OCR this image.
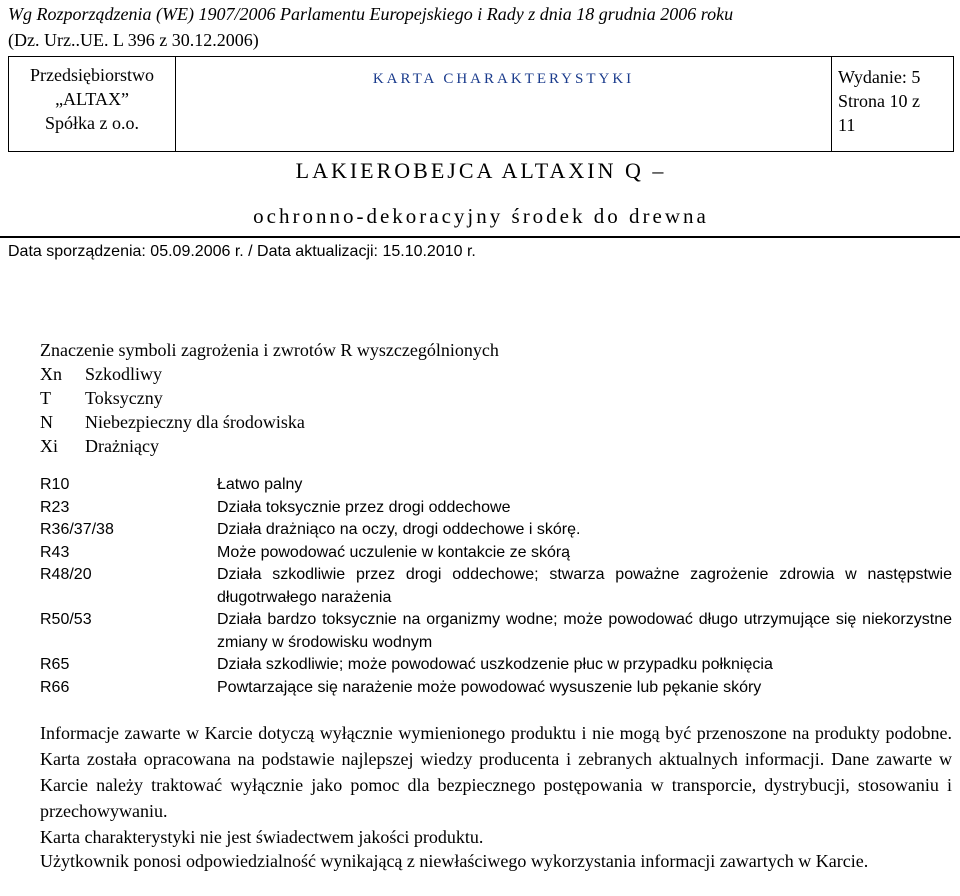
Wg Rozporządzenia (WE) 1907/2006 Parlamentu Europejskiego i Rady z dnia 18 grudnia 2006 roku
(Dz. Urz..UE. L 396 z 30.12.2006)
Przedsiębiorstwo
„ALTAX”
Spółka z o.o.

KARTA CHARAKTERYSTYKI	Wydanie: 5
Strona 10 z 11
LAKIEROBEJCA ALTAXIN Q –
ochronno-dekoracyjny środek do drewna
Data sporządzenia: 05.09.2006 r. / Data aktualizacji: 15.10.2010 r.
Znaczenie symboli zagrożenia i zwrotów R wyszczególnionych
Xn	Szkodliwy
T	Toksyczny
N	Niebezpieczny dla środowiska
Xi	Drażniący
R10	Łatwo palny
R23	Działa toksycznie przez drogi oddechowe
R36/37/38	Działa drażniąco na oczy, drogi oddechowe i skórę.
R43	Może powodować uczulenie w kontakcie ze skórą
R48/20	Działa szkodliwie przez drogi oddechowe; stwarza poważne zagrożenie zdrowia w następstwie długotrwałego narażenia
R50/53	Działa bardzo toksycznie na organizmy wodne; może powodować długo utrzymujące się niekorzystne zmiany w środowisku wodnym
R65	Działa szkodliwie; może powodować uszkodzenie płuc w przypadku połknięcia
R66	Powtarzające się narażenie może powodować wysuszenie lub pękanie skóry
Informacje zawarte w Karcie dotyczą wyłącznie wymienionego produktu i nie mogą być przenoszone na produkty podobne. Karta została opracowana na podstawie najlepszej wiedzy producenta i zebranych aktualnych informacji. Dane zawarte w Karcie należy traktować wyłącznie jako pomoc dla bezpiecznego postępowania w transporcie, dystrybucji, stosowaniu i przechowywaniu.
Karta charakterystyki nie jest świadectwem jakości produktu.
Użytkownik ponosi odpowiedzialność wynikającą z niewłaściwego wykorzystania informacji zawartych w Karcie.
